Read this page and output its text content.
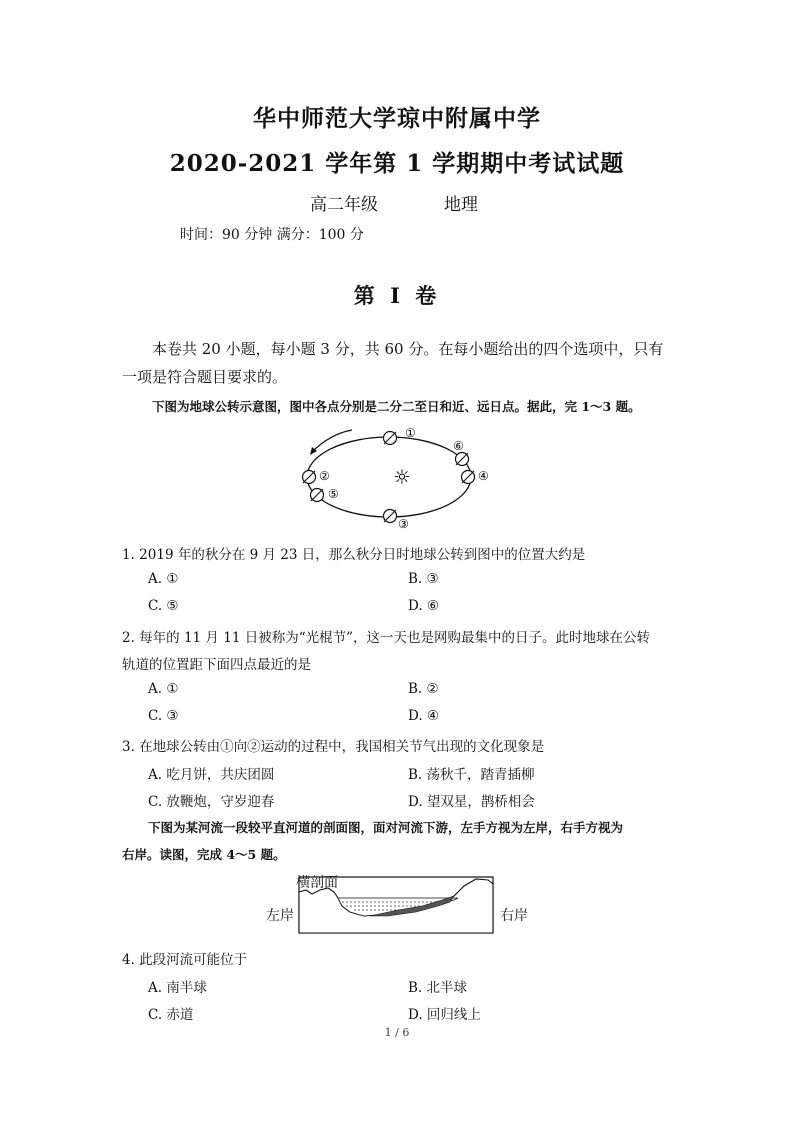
华中师范大学琼中附属中学
2020-2021 学年第 1 学期期中考试试题
高二年级	地理
时间：90 分钟 满分：100 分
第 I 卷
本卷共 20 小题，每小题 3 分，共 60 分。在每小题给出的四个选项中，只有
一项是符合题目要求的。
下图为地球公转示意图，图中各点分别是二分二至日和近、远日点。据此，完 1～3 题。
☼
①
②
③
④
⑤
⑥
1. 2019 年的秋分在 9 月 23 日，那么秋分日时地球公转到图中的位置大约是
A. ①	B. ③
C. ⑤	D. ⑥
2. 每年的 11 月 11 日被称为“光棍节”，这一天也是网购最集中的日子。此时地球在公转
轨道的位置距下面四点最近的是
A. ①	B. ②
C. ③	D. ④
3. 在地球公转由①向②运动的过程中，我国相关节气出现的文化现象是
A. 吃月饼，共庆团圆	B. 荡秋千，踏青插柳
C. 放鞭炮，守岁迎春	D. 望双星，鹊桥相会
下图为某河流一段较平直河道的剖面图，面对河流下游，左手方视为左岸，右手方视为
右岸。读图，完成 4～5 题。
横剖面
左岸	右岸
4. 此段河流可能位于
A. 南半球	B. 北半球
C. 赤道	D. 回归线上
1 / 6
